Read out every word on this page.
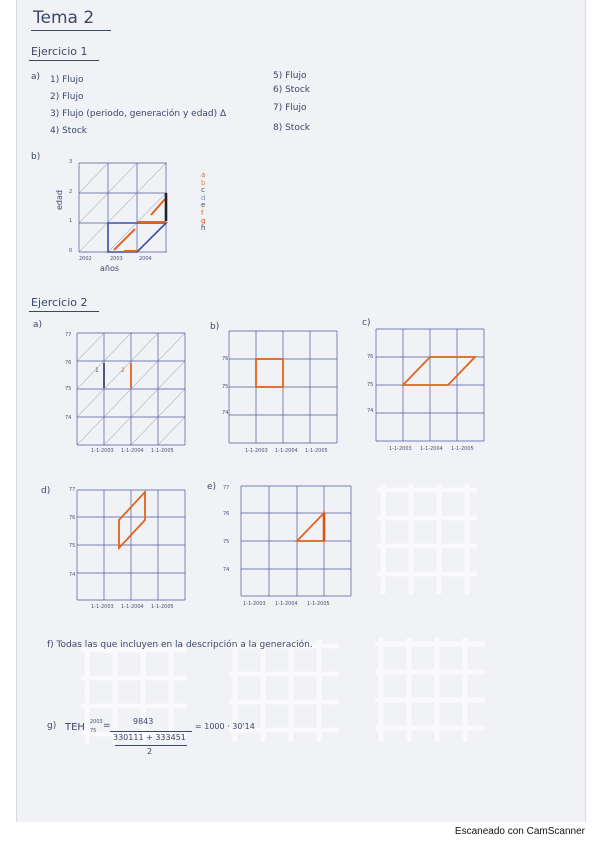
Tema 2
Ejercicio 1
a) 1) Flujo
2) Flujo
3) Flujo (periodo, generación y edad) Δ
4) Stock
5) Flujo
6) Stock
7) Flujo
8) Stock
b)
edad
años
3
2
1
0
2002	2003	2004
a
b
c
d
e
f
g
h
Ejercicio 2
a)
77
76
75
74
1	2
1-1-2003 1-1-2004 1-1-2005
b)
76
75
74
1-1-2003 1-1-2004 1-1-2005
c)
76
75
74
1-1-2003 1-1-2004 1-1-2005
d)	77
76
75
74
1-1-2003 1-1-2004 1-1-2005
e) 77
76
75
74
1-1-2003 1-1-2004 1-1-2005
f) Todas las que incluyen en la descripción a la generación.
g) TEH 2003
75 =	9843
330111 + 333451
2
= 1000 · 30'14
Escaneado con CamScanner
